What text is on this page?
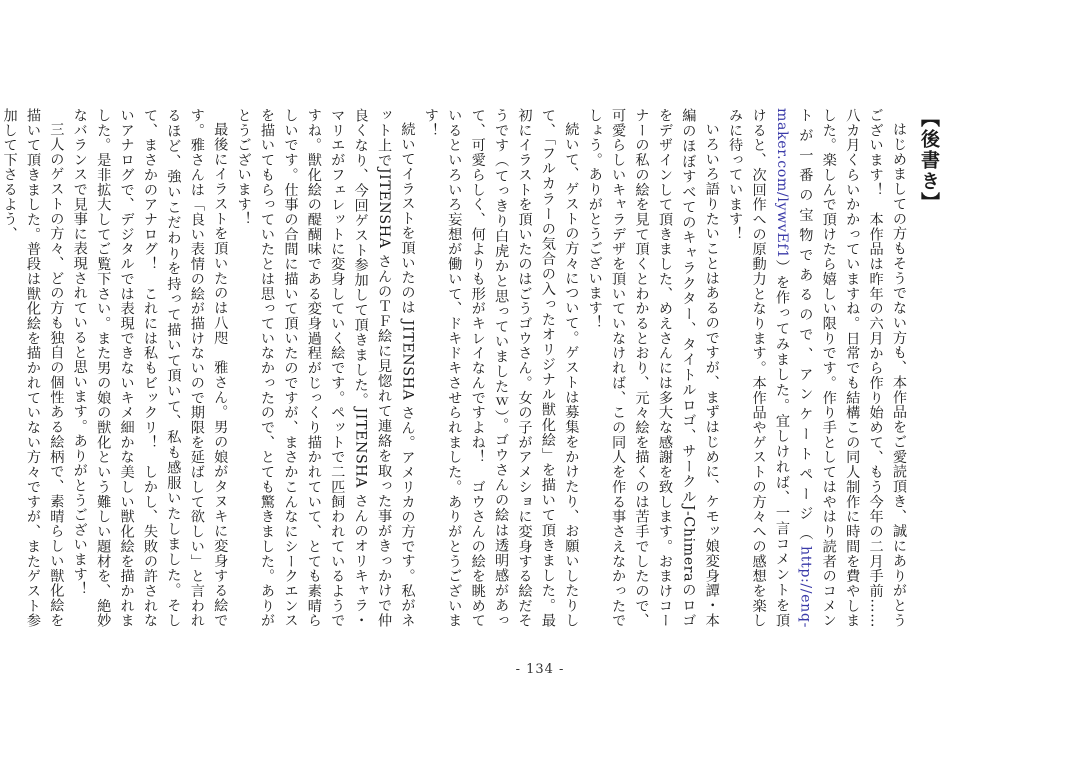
【後書き】

はじめましての方もそうでない方も、本作品をご愛読頂き、誠にありがとうございます！　本作品は昨年の六月から作り始めて、もう今年の二月手前……八カ月くらいかかっていますね。日常でも結構この同人制作に時間を費やしました。楽しんで頂けたら嬉しい限りです。作り手としてはやはり読者のコメントが一番の宝物であるので、アンケートページ（http://enq-maker.com/lywvEf1）を作ってみました。宜しければ、一言コメントを頂けると、次回作への原動力となります。本作品やゲストの方々への感想を楽しみに待っています！

いろいろ語りたいことはあるのですが、まずはじめに、ケモッ娘変身譚・本編のほぼすべてのキャラクター、タイトルロゴ、サークルJ-Chimeraのロゴをデザインして頂きました、めえさんには多大な感謝を致します。おまけコーナーの私の絵を見て頂くとわかるとおり、元々絵を描くのは苦手でしたので、可愛らしいキャラデザを頂いていなければ、この同人を作る事さえなかったでしょう。ありがとうございます！

続いて、ゲストの方々について。ゲストは募集をかけたり、お願いしたりして、「フルカラーの気合の入ったオリジナル獣化絵」を描いて頂きました。最初にイラストを頂いたのはごうゴウさん。女の子がアメショに変身する絵だそうです（てっきり白虎かと思っていましたｗ）。ゴウさんの絵は透明感があって、可愛らしく、何よりも形がキレイなんですよね！　ゴウさんの絵を眺めているといろいろ妄想が働いて、ドキドキさせられました。ありがとうございます！

続いてイラストを頂いたのは JITENSHA さん。アメリカの方です。私がネット上でJITENSHA さんのＴＦ絵に見惚れて連絡を取った事がきっかけで仲良くなり、今回ゲスト参加して頂きました。JITENSHA さんのオリキャラ・マリエがフェレットに変身していく絵です。ペットで二匹飼われているようですね。獣化絵の醍醐味である変身過程がじっくり描かれていて、とても素晴らしいです。仕事の合間に描いて頂いたのですが、まさかこんなにシークエンスを描いてもらっていたとは思っていなかったので、とても驚きました。ありがとうございます！

最後にイラストを頂いたのは八咫　雅さん。男の娘がタヌキに変身する絵です。雅さんは「良い表情の絵が描けないので期限を延ばして欲しい」と言われるほど、強いこだわりを持って描いて頂いて、私も感服いたしました。そして、まさかのアナログ！　これには私もビックリ！　しかし、失敗の許されないアナログで、デジタルでは表現できないキメ細かな美しい獣化絵を描かれました。是非拡大してご覧下さい。また男の娘の獣化という難しい題材を、絶妙なバランスで見事に表現されていると思います。ありがとうございます！

三人のゲストの方々、どの方も独自の個性ある絵柄で、素晴らしい獣化絵を描いて頂きました。普段は獣化絵を描かれていない方々ですが、またゲスト参加して下さるよう、

- 134 -
